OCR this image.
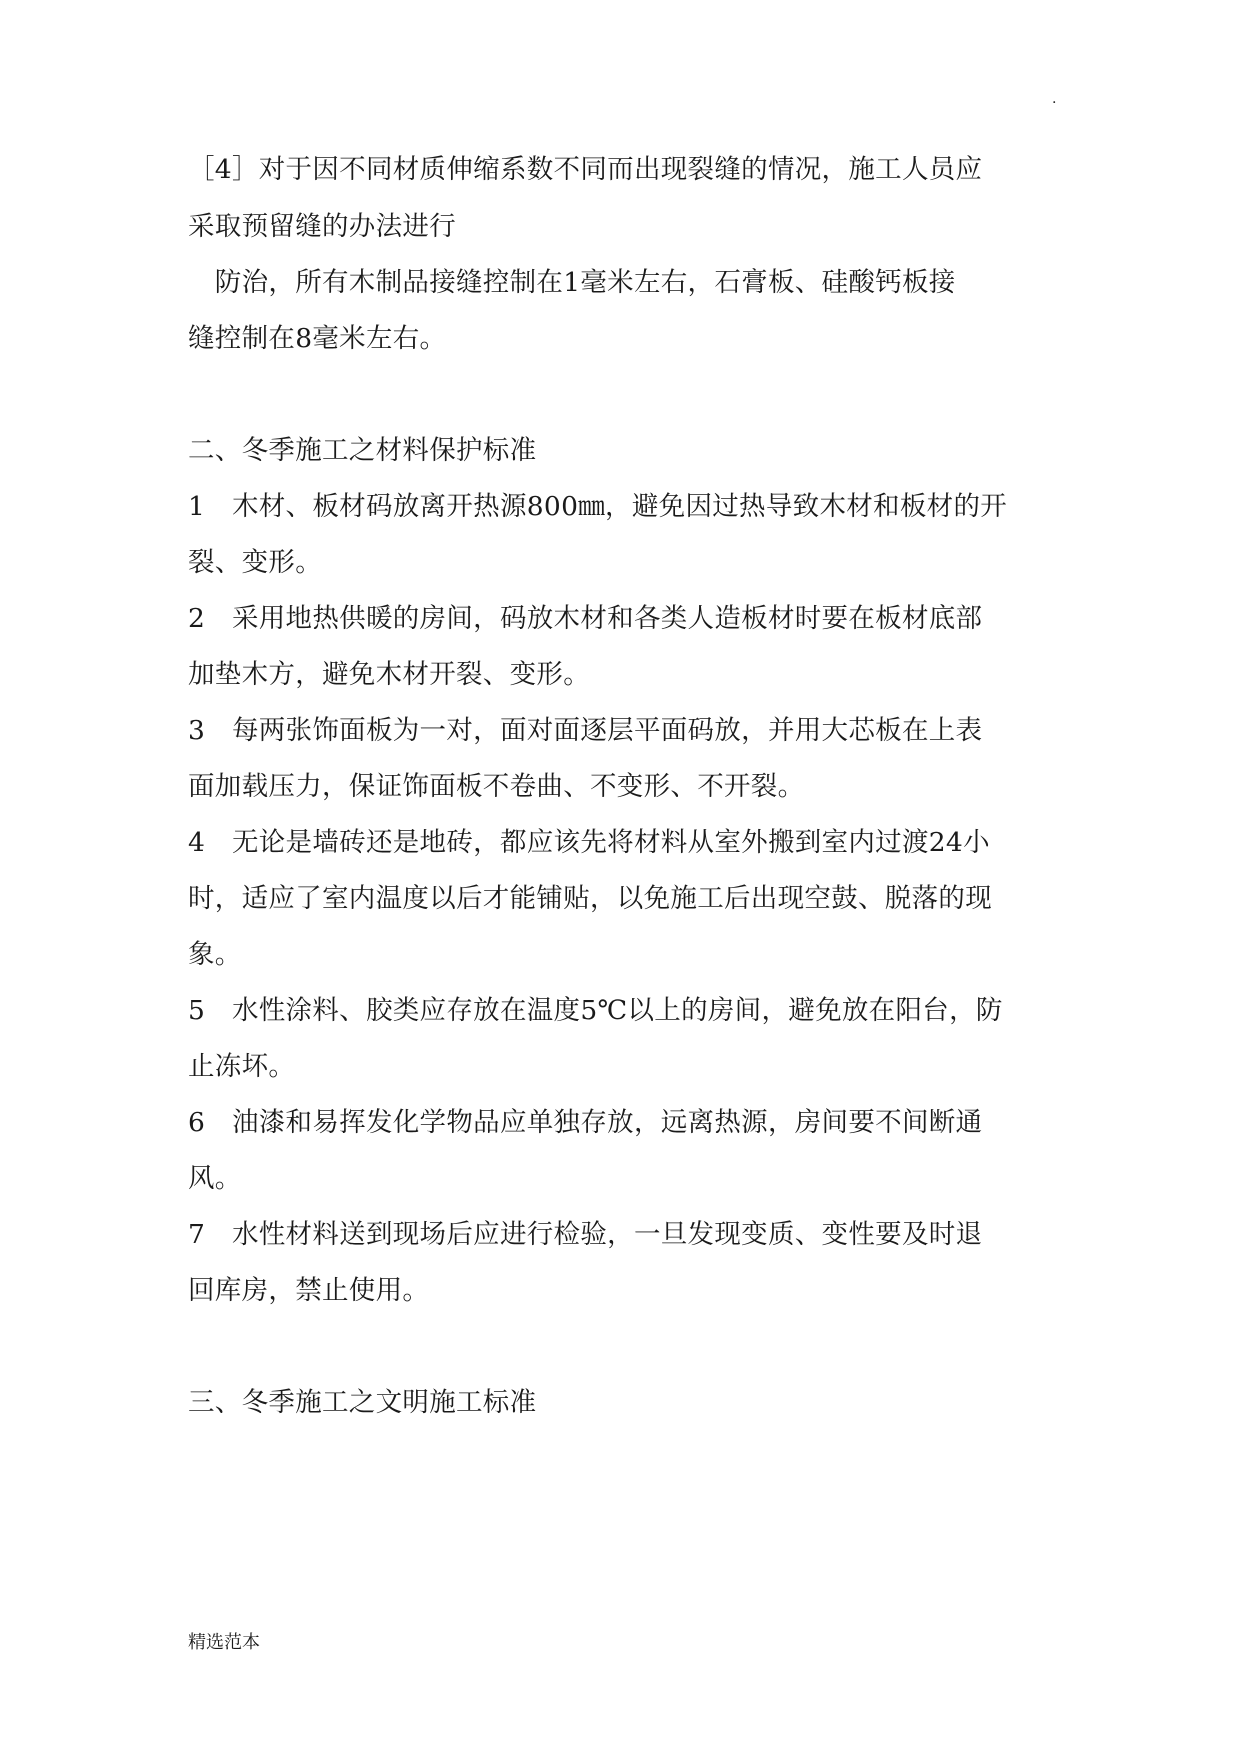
.
［4］对于因不同材质伸缩系数不同而出现裂缝的情况，施工人员应
采取预留缝的办法进行
　防治，所有木制品接缝控制在1毫米左右，石膏板、硅酸钙板接
缝控制在8毫米左右。
二、冬季施工之材料保护标准
1　木材、板材码放离开热源800㎜，避免因过热导致木材和板材的开
裂、变形。
2　采用地热供暖的房间，码放木材和各类人造板材时要在板材底部
加垫木方，避免木材开裂、变形。
3　每两张饰面板为一对，面对面逐层平面码放，并用大芯板在上表
面加载压力，保证饰面板不卷曲、不变形、不开裂。
4　无论是墙砖还是地砖，都应该先将材料从室外搬到室内过渡24小
时，适应了室内温度以后才能铺贴，以免施工后出现空鼓、脱落的现
象。
5　水性涂料、胶类应存放在温度5℃以上的房间，避免放在阳台，防
止冻坏。
6　油漆和易挥发化学物品应单独存放，远离热源，房间要不间断通
风。
7　水性材料送到现场后应进行检验，一旦发现变质、变性要及时退
回库房，禁止使用。
三、冬季施工之文明施工标准
精选范本
